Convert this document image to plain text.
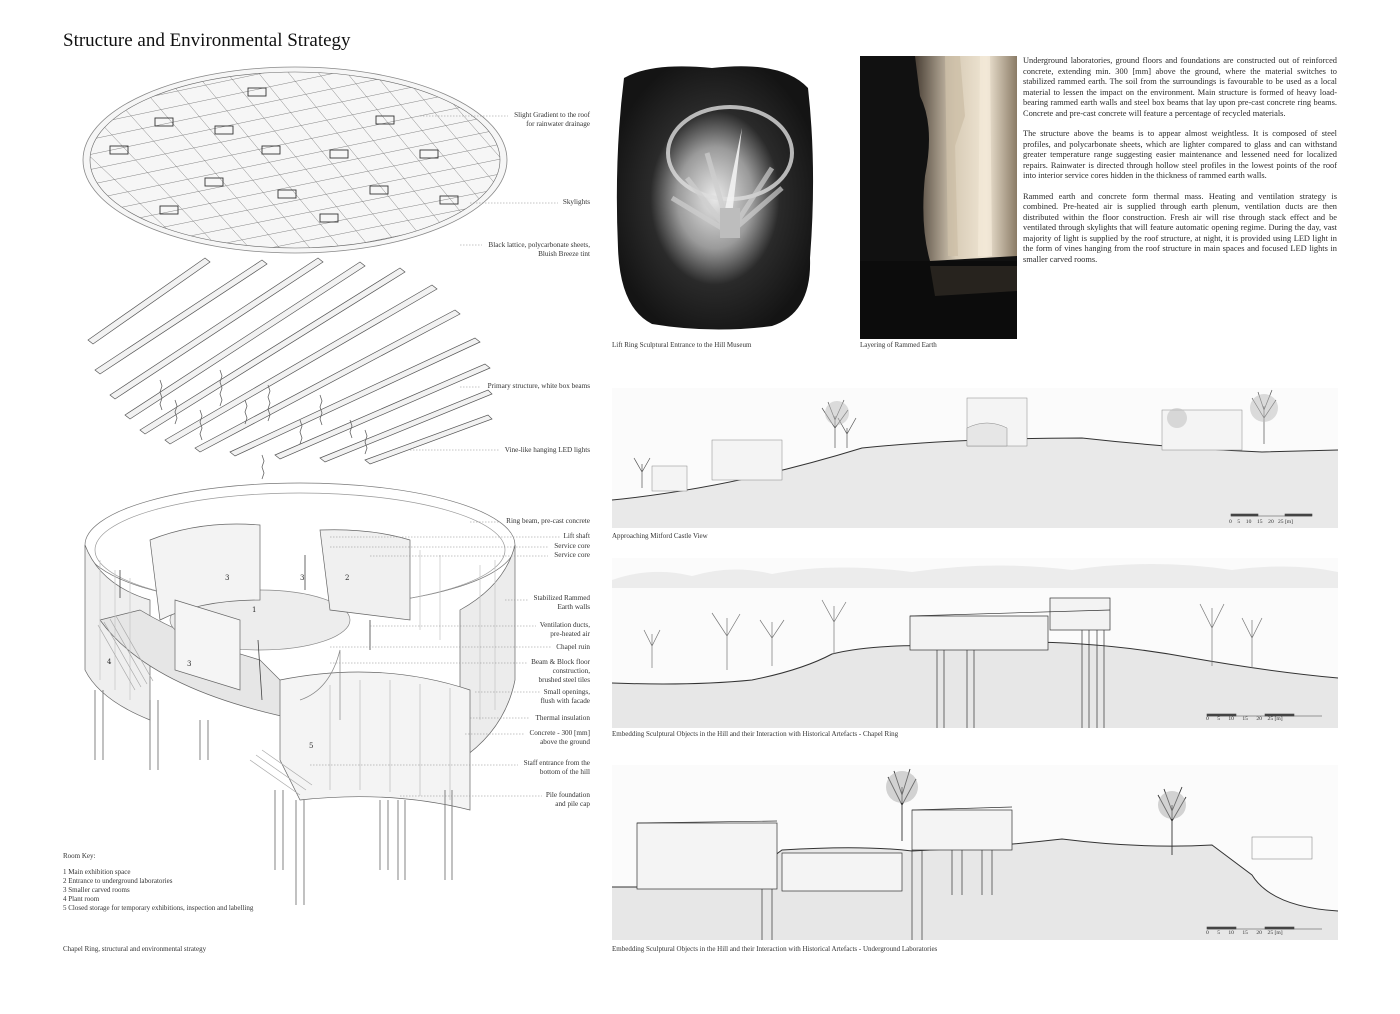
Structure and Environmental Strategy
1
2
3	3
3
4
5
Slight Gradient to the roof
for rainwater drainage
Skylights
Black lattice, polycarbonate sheets,
Bluish Breeze tint
Primary structure, white box beams
Vine-like hanging LED lights
Ring beam, pre-cast concrete
Lift shaft
Service core
Service core
Stabilized Rammed
Earth walls
Ventilation ducts,
pre-heated air
Chapel ruin
Beam & Block floor
construction,
brushed steel tiles
Small openings,
flush with facade
Thermal insulation
Concrete - 300 [mm]
above the ground
Staff entrance from the
bottom of the hill
Pile foundation
and pile cap
Room Key:
1 Main exhibition space
2 Entrance to underground laboratories
3 Smaller carved rooms
4 Plant room
5 Closed storage for temporary exhibitions, inspection and labelling
Chapel Ring, structural and environmental strategy
Lift Ring Sculptural Entrance to the Hill Museum	Layering of Rammed Earth

Underground laboratories, ground floors and foundations are constructed out of reinforced concrete, extending min. 300 [mm] above the ground, where the material switches to stabilized rammed earth. The soil from the surroundings is favourable to be used as a local material to lessen the impact on the environment. Main structure is formed of heavy load-bearing rammed earth walls and steel box beams that lay upon pre-cast concrete ring beams. Concrete and pre-cast concrete will feature a percentage of recycled materials.

The structure above the beams is to appear almost weightless. It is composed of steel profiles, and polycarbonate sheets, which are lighter compared to glass and can withstand greater temperature range suggesting easier maintenance and lessened need for localized repairs. Rainwater is directed through hollow steel profiles in the lowest points of the roof into interior service cores hidden in the thickness of rammed earth walls.

Rammed earth and concrete form thermal mass. Heating and ventilation strategy is combined. Pre-heated air is supplied through earth plenum, ventilation ducts are then distributed within the floor construction. Fresh air will rise through stack effect and be ventilated through skylights that will feature automatic opening regime. During the day, vast majority of light is supplied by the roof structure, at night, it is provided using LED light in the form of vines hanging from the roof structure in main spaces and focused LED lights in smaller carved rooms.

0 5 10 15 20 25 [m]
Approaching Mitford Castle View
0 5 10 15 20 25 [m]
Embedding Sculptural Objects in the Hill and their Interaction with Historical Artefacts - Chapel Ring
0 5 10 15 20 25 [m]
Embedding Sculptural Objects in the Hill and their Interaction with Historical Artefacts - Underground Laboratories
